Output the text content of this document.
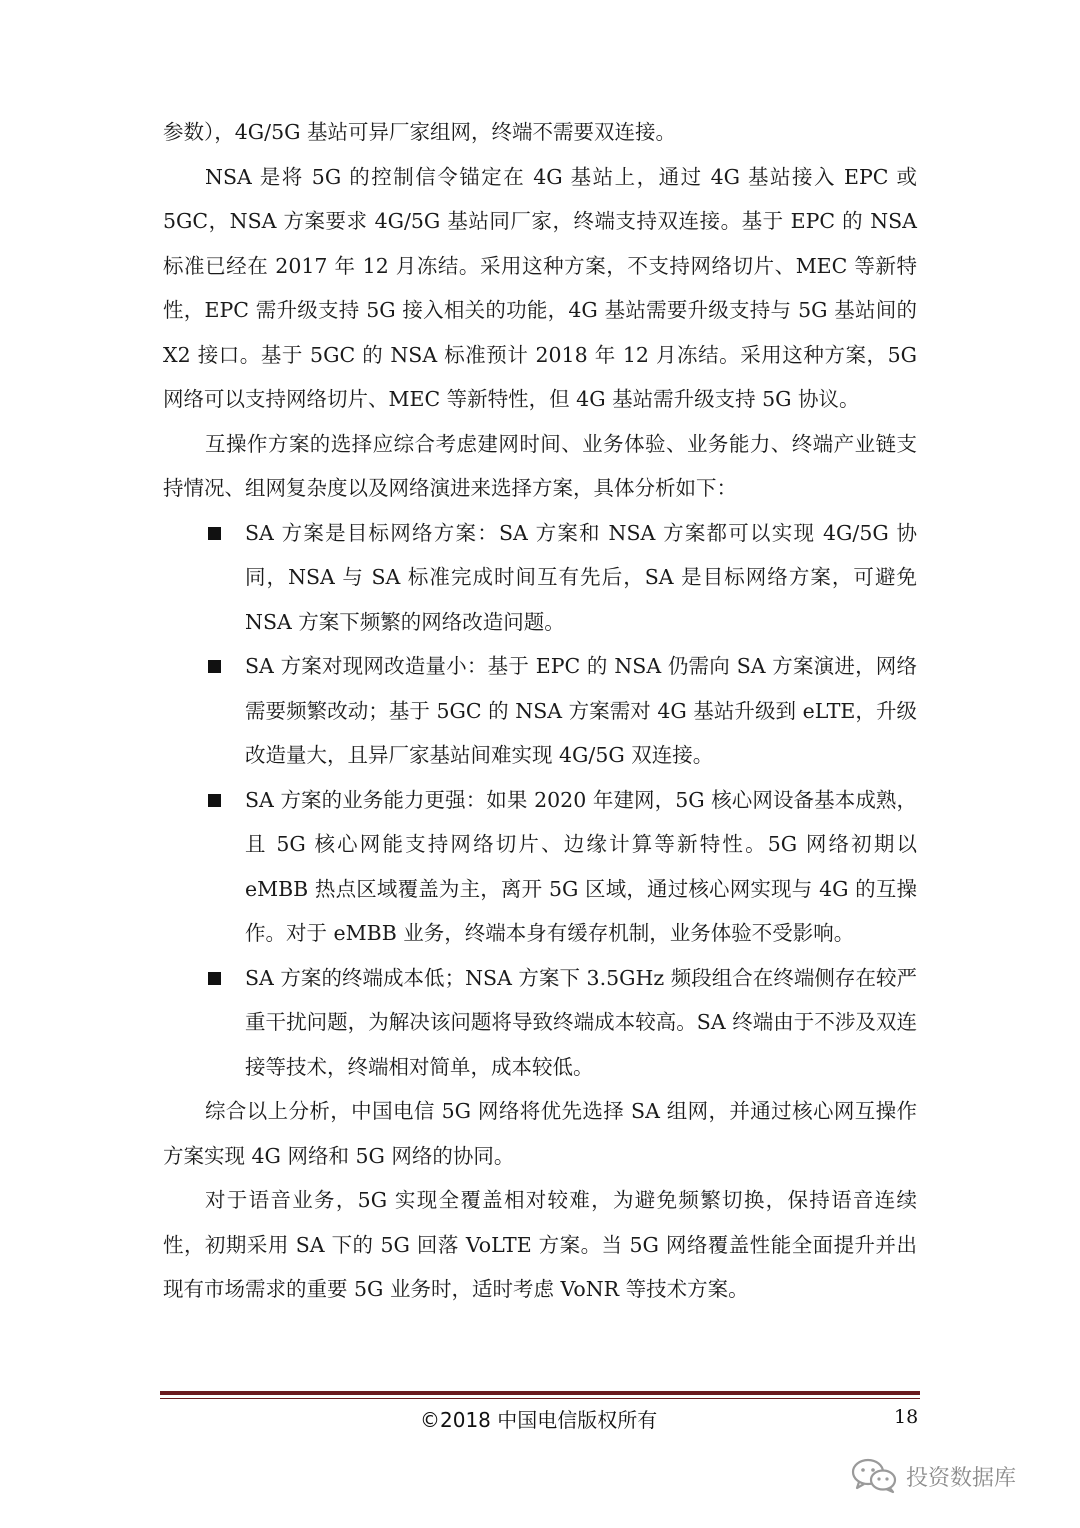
参数），4G/5G 基站可异厂家组网，终端不需要双连接。

NSA 是将 5G 的控制信令锚定在 4G 基站上，通过 4G 基站接入 EPC 或 5GC，NSA 方案要求 4G/5G 基站同厂家，终端支持双连接。基于 EPC 的 NSA 标准已经在 2017 年 12 月冻结。采用这种方案，不支持网络切片、MEC 等新特性，EPC 需升级支持 5G 接入相关的功能，4G 基站需要升级支持与 5G 基站间的 X2 接口。基于 5GC 的 NSA 标准预计 2018 年 12 月冻结。采用这种方案，5G 网络可以支持网络切片、MEC 等新特性，但 4G 基站需升级支持 5G 协议。

互操作方案的选择应综合考虑建网时间、业务体验、业务能力、终端产业链支持情况、组网复杂度以及网络演进来选择方案，具体分析如下：

SA 方案是目标网络方案：SA 方案和 NSA 方案都可以实现 4G/5G 协同，NSA 与 SA 标准完成时间互有先后，SA 是目标网络方案，可避免 NSA 方案下频繁的网络改造问题。
SA 方案对现网改造量小：基于 EPC 的 NSA 仍需向 SA 方案演进，网络需要频繁改动；基于 5GC 的 NSA 方案需对 4G 基站升级到 eLTE，升级改造量大，且异厂家基站间难实现 4G/5G 双连接。
SA 方案的业务能力更强：如果 2020 年建网，5G 核心网设备基本成熟，且 5G 核心网能支持网络切片、边缘计算等新特性。5G 网络初期以 eMBB 热点区域覆盖为主，离开 5G 区域，通过核心网实现与 4G 的互操作。对于 eMBB 业务，终端本身有缓存机制，业务体验不受影响。
SA 方案的终端成本低；NSA 方案下 3.5GHz 频段组合在终端侧存在较严重干扰问题，为解决该问题将导致终端成本较高。SA 终端由于不涉及双连接等技术，终端相对简单，成本较低。

综合以上分析，中国电信 5G 网络将优先选择 SA 组网，并通过核心网互操作方案实现 4G 网络和 5G 网络的协同。

对于语音业务，5G 实现全覆盖相对较难，为避免频繁切换，保持语音连续性，初期采用 SA 下的 5G 回落 VoLTE 方案。当 5G 网络覆盖性能全面提升并出现有市场需求的重要 5G 业务时，适时考虑 VoNR 等技术方案。

©2018 中国电信版权所有	18
投资数据库
